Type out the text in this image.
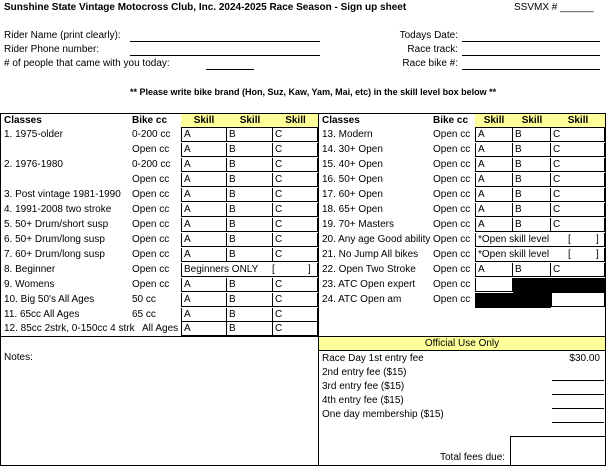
Sunshine State Vintage Motocross Club, Inc. 2024-2025 Race Season - Sign up sheet	SSVMX # ______
Rider Name (print clearly):
Rider Phone number:
# of people that came with you today:
Todays Date:
Race track:
Race bike #:
** Please write bike brand (Hon, Suz, Kaw, Yam, Mai, etc) in the skill level box below **
Classes	Bike cc	Skill	Skill	Skill	Classes	Bike cc	Skill	Skill	Skill
1. 1975-older	0-200 cc	A	B	C
Open cc	A	B	C
2. 1976-1980	0-200 cc	A	B	C
Open cc	A	B	C
3. Post vintage 1981-1990	Open cc	A	B	C
4. 1991-2008 two stroke	Open cc	A	B	C
5. 50+ Drum/short susp	Open cc	A	B	C
6. 50+ Drum/long susp	Open cc	A	B	C
7. 60+ Drum/long susp	Open cc	A	B	C
8. Beginner	Open cc	Beginners ONLY [	]
9. Womens	Open cc	A	B	C
10. Big 50's All Ages	50 cc	A	B	C
11. 65cc All Ages	65 cc	A	B	C
12. 85cc 2strk, 0-150cc 4 strk All Ages A	B	C
13. Modern	Open cc A	B	C
14. 30+ Open	Open cc A	B	C
15. 40+ Open	Open cc A	B	C
16. 50+ Open	Open cc A	B	C
17. 60+ Open	Open cc A	B	C
18. 65+ Open	Open cc A	B	C
19. 70+ Masters	Open cc A	B	C
20. Any age Good ability Open cc *Open skill level [	]
21. No Jump All bikes	Open cc *Open skill level [	]
22. Open Two Stroke	Open cc A	B	C
23. ATC Open expert	Open cc
24. ATC Open am	Open cc
Notes:
Official Use Only
Race Day 1st entry fee	$30.00
2nd entry fee ($15)
3rd entry fee ($15)
4th entry fee ($15)
One day membership ($15)
Total fees due:
